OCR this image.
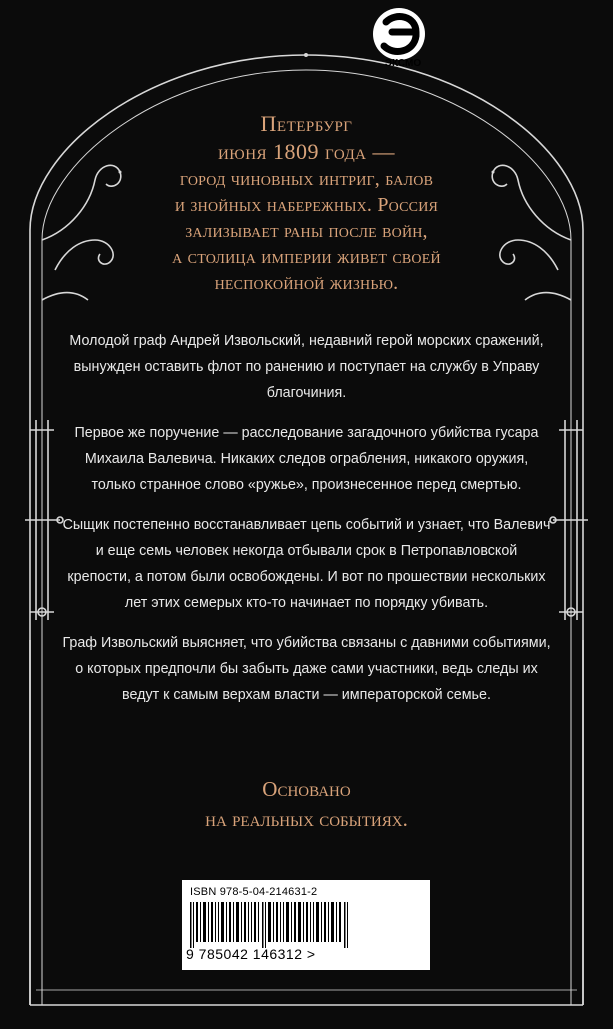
Петербург
июня 1809 года —
город чиновных интриг, балов
и знойных набережных. Россия
зализывает раны после войн,
а столица империи живет своей
неспокойной жизнью.

Молодой граф Андрей Извольский, недавний герой морских сражений, вынужден оставить флот по ранению и поступает на службу в Управу благочиния.

Первое же поручение — расследование загадочного убийства гусара Михаила Валевича. Никаких следов ограбления, никакого оружия, только странное слово «ружье», произнесенное перед смертью.

Сыщик постепенно восстанавливает цепь событий и узнает, что Валевич и еще семь человек некогда отбывали срок в Петропавловской крепости, а потом были освобождены. И вот по прошествии нескольких лет этих семерых кто-то начинает по порядку убивать.

Граф Извольский выясняет, что убийства связаны с давними событиями, о которых предпочли бы забыть даже сами участники, ведь следы их ведут к самым верхам власти — императорской семье.

Основано
на реальных событиях.
ISBN 978-5-04-214631-2
9 785042 146312 >
ЭКСМО
